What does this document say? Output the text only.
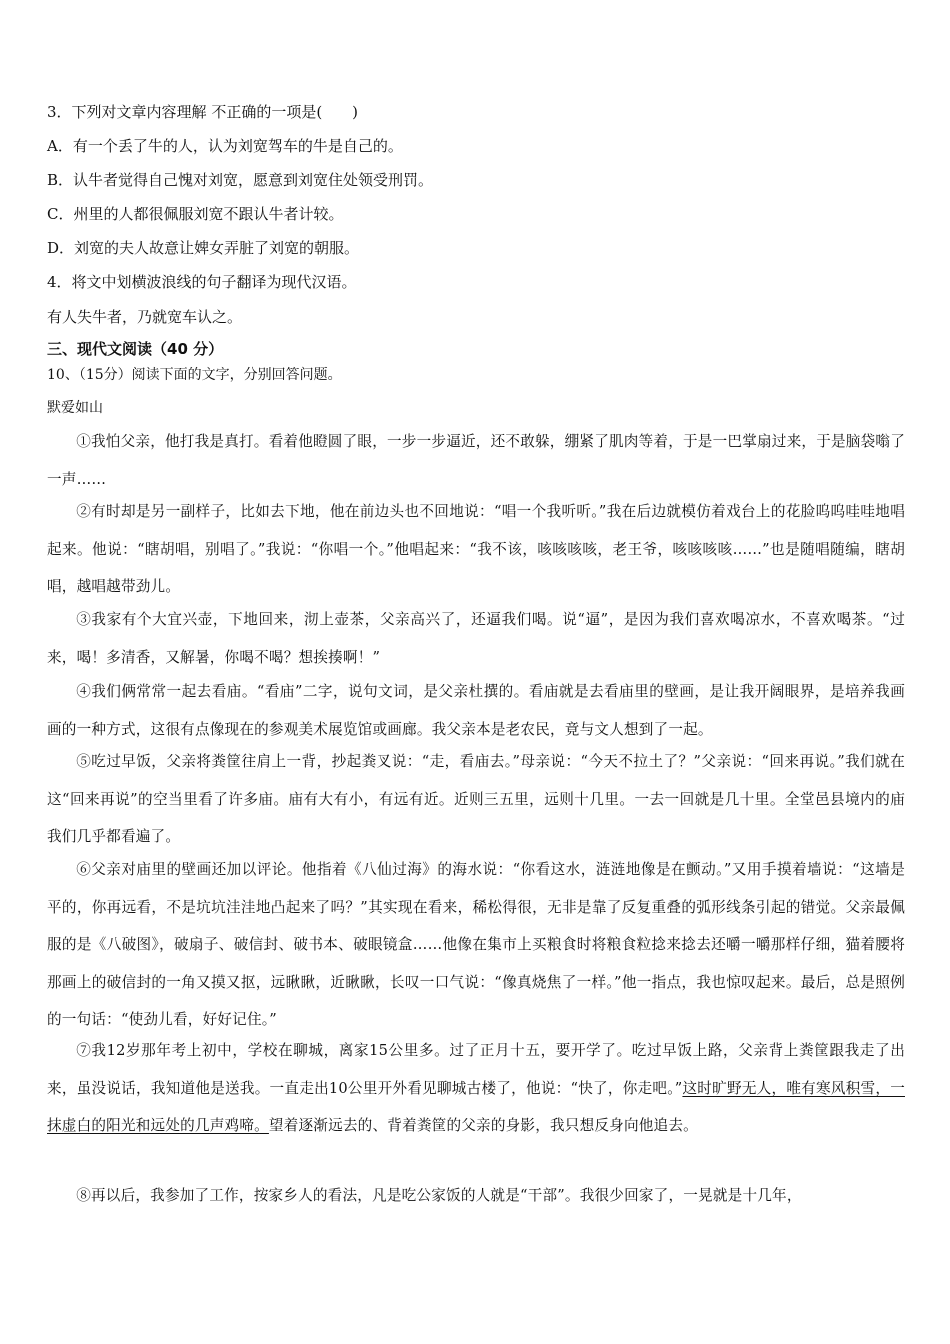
3．下列对文章内容理解 不正确的一项是(　　)
A．有一个丢了牛的人，认为刘宽驾车的牛是自己的。
B．认牛者觉得自己愧对刘宽，愿意到刘宽住处领受刑罚。
C．州里的人都很佩服刘宽不跟认牛者计较。
D．刘宽的夫人故意让婢女弄脏了刘宽的朝服。
4．将文中划横波浪线的句子翻译为现代汉语。
有人失牛者，乃就宽车认之。
三、现代文阅读（40 分）
10、（15分）阅读下面的文字，分别回答问题。
默爱如山
①我怕父亲，他打我是真打。看着他瞪圆了眼，一步一步逼近，还不敢躲，绷紧了肌肉等着，于是一巴掌扇过来，于是脑袋嗡了一声……
②有时却是另一副样子，比如去下地，他在前边头也不回地说：“唱一个我听听。”我在后边就模仿着戏台上的花脸呜呜哇哇地唱起来。他说：“瞎胡唱，别唱了。”我说：“你唱一个。”他唱起来：“我不该，咳咳咳咳，老王爷，咳咳咳咳……”也是随唱随编，瞎胡唱，越唱越带劲儿。
③我家有个大宜兴壶，下地回来，沏上壶茶，父亲高兴了，还逼我们喝。说“逼”，是因为我们喜欢喝凉水，不喜欢喝茶。“过来，喝！多清香，又解暑，你喝不喝？想挨揍啊！”
④我们俩常常一起去看庙。“看庙”二字，说句文词，是父亲杜撰的。看庙就是去看庙里的壁画，是让我开阔眼界，是培养我画画的一种方式，这很有点像现在的参观美术展览馆或画廊。我父亲本是老农民，竟与文人想到了一起。
⑤吃过早饭，父亲将粪筐往肩上一背，抄起粪叉说：“走，看庙去。”母亲说：“今天不拉土了？”父亲说：“回来再说。”我们就在这“回来再说”的空当里看了许多庙。庙有大有小，有远有近。近则三五里，远则十几里。一去一回就是几十里。全堂邑县境内的庙我们几乎都看遍了。
⑥父亲对庙里的壁画还加以评论。他指着《八仙过海》的海水说：“你看这水，涟涟地像是在颤动。”又用手摸着墙说：“这墙是平的，你再远看，不是坑坑洼洼地凸起来了吗？”其实现在看来，稀松得很，无非是靠了反复重叠的弧形线条引起的错觉。父亲最佩服的是《八破图》，破扇子、破信封、破书本、破眼镜盒……他像在集市上买粮食时将粮食粒捻来捻去还嚼一嚼那样仔细，猫着腰将那画上的破信封的一角又摸又抠，远瞅瞅，近瞅瞅，长叹一口气说：“像真烧焦了一样。”他一指点，我也惊叹起来。最后，总是照例的一句话：“使劲儿看，好好记住。”
⑦我12岁那年考上初中，学校在聊城，离家15公里多。过了正月十五，要开学了。吃过早饭上路，父亲背上粪筐跟我走了出来，虽没说话，我知道他是送我。一直走出10公里开外看见聊城古楼了，他说：“快了，你走吧。”这时旷野无人，唯有寒风积雪，一抹虚白的阳光和远处的几声鸡啼。望着逐渐远去的、背着粪筐的父亲的身影，我只想反身向他追去。
⑧再以后，我参加了工作，按家乡人的看法，凡是吃公家饭的人就是“干部”。我很少回家了，一晃就是十几年，
